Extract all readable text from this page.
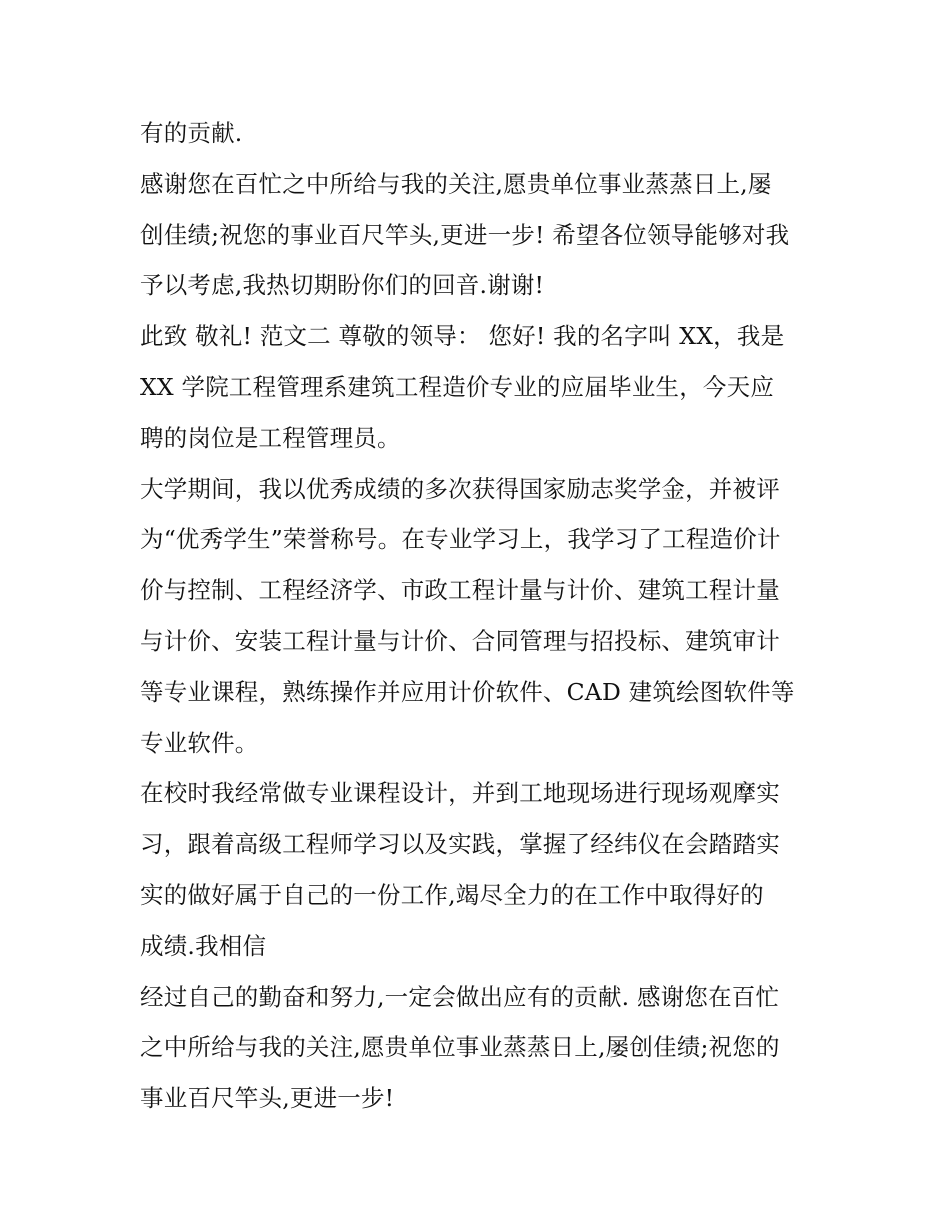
有的贡献.
感谢您在百忙之中所给与我的关注,愿贵单位事业蒸蒸日上,屡
创佳绩;祝您的事业百尺竿头,更进一步! 希望各位领导能够对我
予以考虑,我热切期盼你们的回音.谢谢!
此致 敬礼! 范文二 尊敬的领导： 您好! 我的名字叫 XX，我是
XX 学院工程管理系建筑工程造价专业的应届毕业生，今天应
聘的岗位是工程管理员。
大学期间，我以优秀成绩的多次获得国家励志奖学金，并被评
为“优秀学生”荣誉称号。在专业学习上，我学习了工程造价计
价与控制、工程经济学、市政工程计量与计价、建筑工程计量
与计价、安装工程计量与计价、合同管理与招投标、建筑审计
等专业课程，熟练操作并应用计价软件、CAD 建筑绘图软件等
专业软件。
在校时我经常做专业课程设计，并到工地现场进行现场观摩实
习，跟着高级工程师学习以及实践，掌握了经纬仪在会踏踏实
实的做好属于自己的一份工作,竭尽全力的在工作中取得好的
成绩.我相信
经过自己的勤奋和努力,一定会做出应有的贡献. 感谢您在百忙
之中所给与我的关注,愿贵单位事业蒸蒸日上,屡创佳绩;祝您的
事业百尺竿头,更进一步!
